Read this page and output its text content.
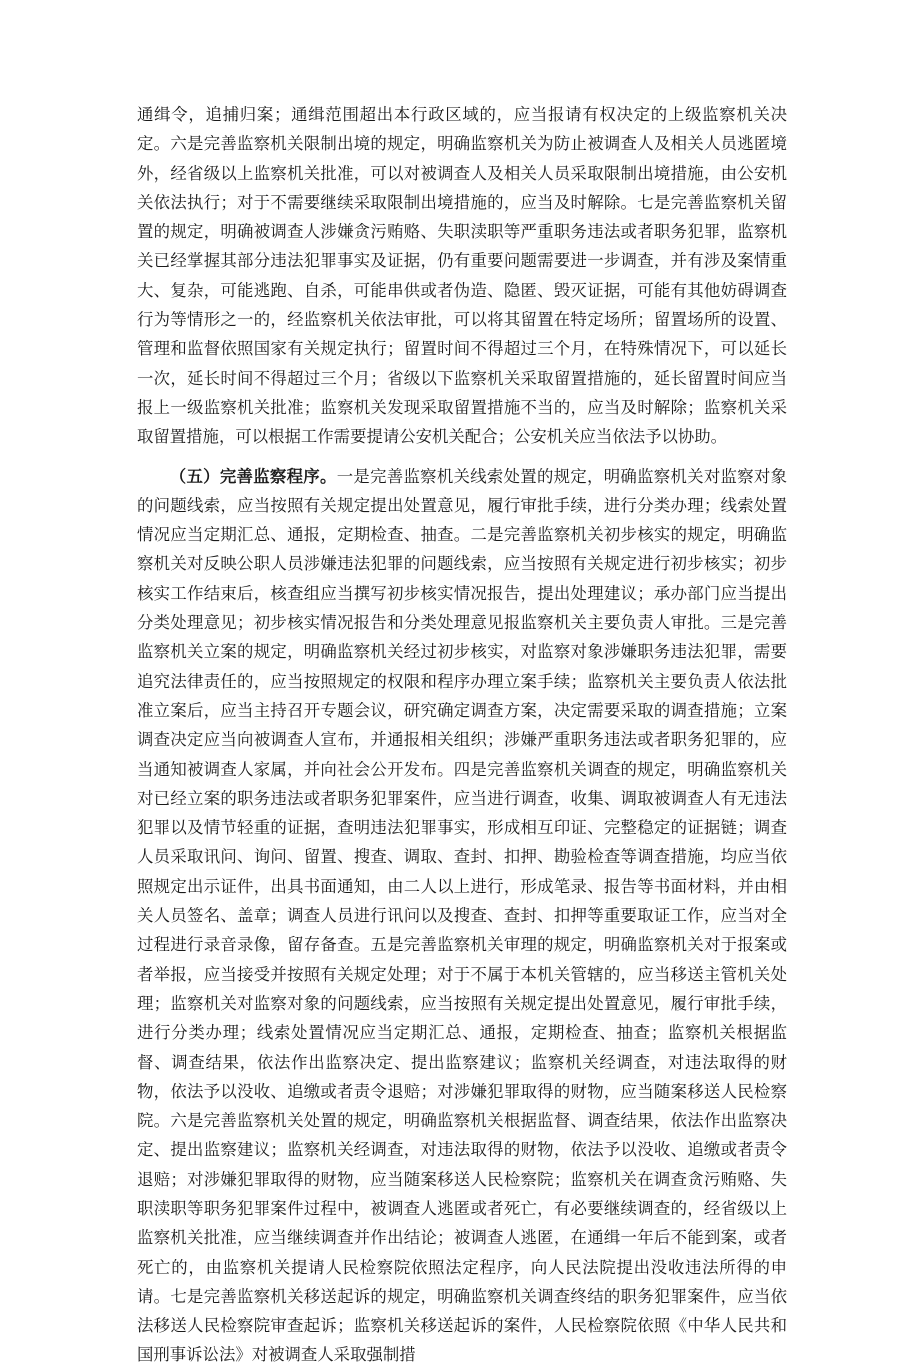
通缉令，追捕归案；通缉范围超出本行政区域的，应当报请有权决定的上级监察机关决定。六是完善监察机关限制出境的规定，明确监察机关为防止被调查人及相关人员逃匿境外，经省级以上监察机关批准，可以对被调查人及相关人员采取限制出境措施，由公安机关依法执行；对于不需要继续采取限制出境措施的，应当及时解除。七是完善监察机关留置的规定，明确被调查人涉嫌贪污贿赂、失职渎职等严重职务违法或者职务犯罪，监察机关已经掌握其部分违法犯罪事实及证据，仍有重要问题需要进一步调查，并有涉及案情重大、复杂，可能逃跑、自杀，可能串供或者伪造、隐匿、毁灭证据，可能有其他妨碍调查行为等情形之一的，经监察机关依法审批，可以将其留置在特定场所；留置场所的设置、管理和监督依照国家有关规定执行；留置时间不得超过三个月，在特殊情况下，可以延长一次，延长时间不得超过三个月；省级以下监察机关采取留置措施的，延长留置时间应当报上一级监察机关批准；监察机关发现采取留置措施不当的，应当及时解除；监察机关采取留置措施，可以根据工作需要提请公安机关配合；公安机关应当依法予以协助。

（五）完善监察程序。一是完善监察机关线索处置的规定，明确监察机关对监察对象的问题线索，应当按照有关规定提出处置意见，履行审批手续，进行分类办理；线索处置情况应当定期汇总、通报，定期检查、抽查。二是完善监察机关初步核实的规定，明确监察机关对反映公职人员涉嫌违法犯罪的问题线索，应当按照有关规定进行初步核实；初步核实工作结束后，核查组应当撰写初步核实情况报告，提出处理建议；承办部门应当提出分类处理意见；初步核实情况报告和分类处理意见报监察机关主要负责人审批。三是完善监察机关立案的规定，明确监察机关经过初步核实，对监察对象涉嫌职务违法犯罪，需要追究法律责任的，应当按照规定的权限和程序办理立案手续；监察机关主要负责人依法批准立案后，应当主持召开专题会议，研究确定调查方案，决定需要采取的调查措施；立案调查决定应当向被调查人宣布，并通报相关组织；涉嫌严重职务违法或者职务犯罪的，应当通知被调查人家属，并向社会公开发布。四是完善监察机关调查的规定，明确监察机关对已经立案的职务违法或者职务犯罪案件，应当进行调查，收集、调取被调查人有无违法犯罪以及情节轻重的证据，查明违法犯罪事实，形成相互印证、完整稳定的证据链；调查人员采取讯问、询问、留置、搜查、调取、查封、扣押、勘验检查等调查措施，均应当依照规定出示证件，出具书面通知，由二人以上进行，形成笔录、报告等书面材料，并由相关人员签名、盖章；调查人员进行讯问以及搜查、查封、扣押等重要取证工作，应当对全过程进行录音录像，留存备查。五是完善监察机关审理的规定，明确监察机关对于报案或者举报，应当接受并按照有关规定处理；对于不属于本机关管辖的，应当移送主管机关处理；监察机关对监察对象的问题线索，应当按照有关规定提出处置意见，履行审批手续，进行分类办理；线索处置情况应当定期汇总、通报，定期检查、抽查；监察机关根据监督、调查结果，依法作出监察决定、提出监察建议；监察机关经调查，对违法取得的财物，依法予以没收、追缴或者责令退赔；对涉嫌犯罪取得的财物，应当随案移送人民检察院。六是完善监察机关处置的规定，明确监察机关根据监督、调查结果，依法作出监察决定、提出监察建议；监察机关经调查，对违法取得的财物，依法予以没收、追缴或者责令退赔；对涉嫌犯罪取得的财物，应当随案移送人民检察院；监察机关在调查贪污贿赂、失职渎职等职务犯罪案件过程中，被调查人逃匿或者死亡，有必要继续调查的，经省级以上监察机关批准，应当继续调查并作出结论；被调查人逃匿，在通缉一年后不能到案，或者死亡的，由监察机关提请人民检察院依照法定程序，向人民法院提出没收违法所得的申请。七是完善监察机关移送起诉的规定，明确监察机关调查终结的职务犯罪案件，应当依法移送人民检察院审查起诉；监察机关移送起诉的案件，人民检察院依照《中华人民共和国刑事诉讼法》对被调查人采取强制措
